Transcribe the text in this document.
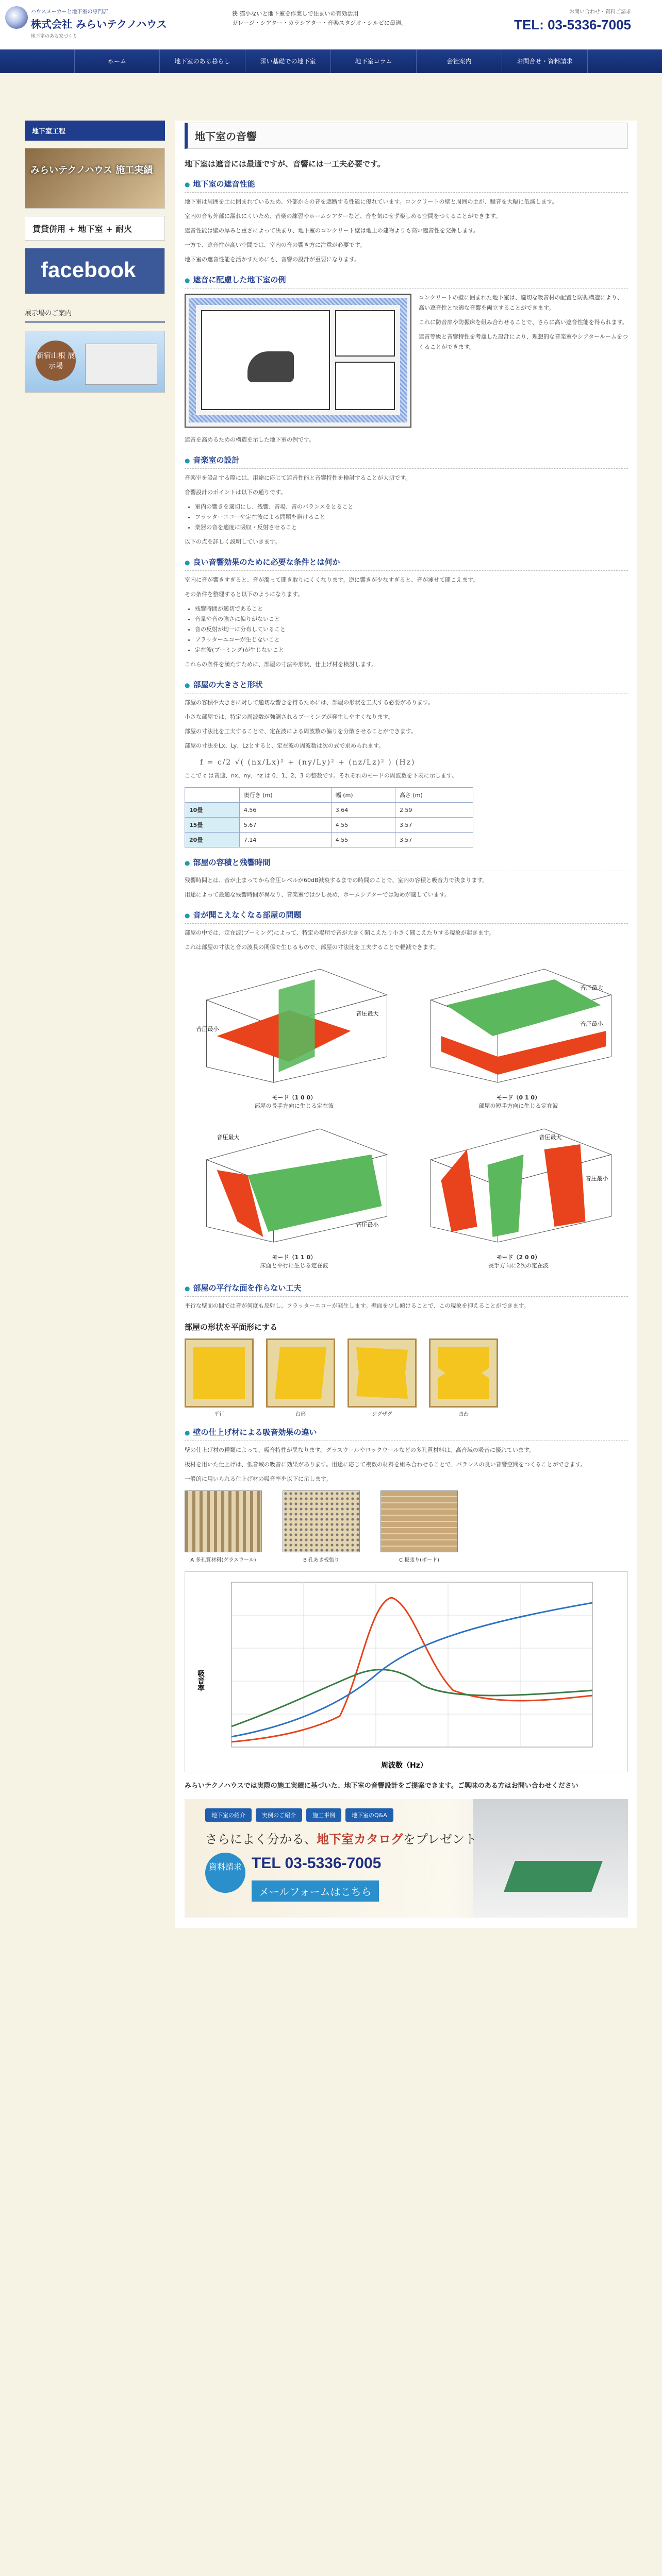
ハウスメーカーと地下室の専門店
株式会社 みらいテクノハウス
地下室のある家づくり
狭 猫小ないと地下室を作業しで住まいの有効活用
ガレージ・シアター・カラシアター・音楽スタジオ・シルビに最適。
お問い合わせ・資料ご請求
TEL: 03-5336-7005
ホーム	地下室のある暮らし	深い基礎での地下室	地下室コラム	会社案内	お問合せ・資料請求
地下室工程
みらいテクノハウス 施工実績
賃貸併用 + 地下室 + 耐火
facebook
展示場のご案内
新宿山根 展示場
地下室の音響
地下室は遮音には最適ですが、音響には一工夫必要です。
● 地下室の遮音性能

地下室は周囲を土に囲まれているため、外部からの音を遮断する性能に優れています。コンクリートの壁と周囲の土が、騒音を大幅に低減します。

室内の音も外部に漏れにくいため、音楽の練習やホームシアターなど、音を気にせず楽しめる空間をつくることができます。

遮音性能は壁の厚みと重さによって決まり、地下室のコンクリート壁は地上の建物よりも高い遮音性を発揮します。

一方で、遮音性が高い空間では、室内の音の響き方に注意が必要です。

地下室の遮音性能を活かすためにも、音響の設計が重要になります。

● 遮音に配慮した地下室の例

コンクリートの壁に囲まれた地下室は、適切な吸音材の配置と防振構造により、高い遮音性と快適な音響を両立することができます。

これに防音扉や防振床を組み合わせることで、さらに高い遮音性能を得られます。

遮音等級と音響特性を考慮した設計により、理想的な音楽室やシアタールームをつくることができます。

遮音を高めるための構造を示した地下室の例です。

● 音楽室の設計

音楽室を設計する際には、用途に応じて遮音性能と音響特性を検討することが大切です。

音響設計のポイントは以下の通りです。

• 室内の響きを適切にし、残響、音場、音のバランスをとること
• フラッターエコーや定在波による問題を避けること
• 楽器の音を適度に吸収・反射させること

以下の点を詳しく説明していきます。

● 良い音響効果のために必要な条件とは何か

室内に音が響きすぎると、音が濁って聞き取りにくくなります。逆に響きが少なすぎると、音が痩せて聞こえます。

その条件を整理すると以下のようになります。

• 残響時間が適切であること
• 音量や音の強さに偏りがないこと
• 音の反射が均一に分布していること
• フラッターエコーが生じないこと
• 定在波(ブーミング)が生じないこと

これらの条件を満たすために、部屋の寸法や形状、仕上げ材を検討します。

● 部屋の大きさと形状

部屋の容積や大きさに対して適切な響きを得るためには、部屋の形状を工夫する必要があります。

小さな部屋では、特定の周波数が強調されるブーミングが発生しやすくなります。

部屋の寸法比を工夫することで、定在波による周波数の偏りを分散させることができます。

部屋の寸法をLx、Ly、Lzとすると、定在波の周波数は次の式で求められます。

f = c/2 √( (nx/Lx)² + (ny/Ly)² + (nz/Lz)² ) (Hz)

ここで c は音速、nx、ny、nz は 0、1、2、3 の整数です。それぞれのモードの周波数を下表に示します。

	奥行き (m)	幅 (m)	高さ (m)
10畳	4.56	3.64	2.59
15畳	5.67	4.55	3.57
20畳	7.14	4.55	3.57
● 部屋の容積と残響時間

残響時間とは、音が止まってから音圧レベルが60dB減衰するまでの時間のことで、室内の容積と吸音力で決まります。

用途によって最適な残響時間が異なり、音楽室では少し長め、ホームシアターでは短めが適しています。

● 音が聞こえなくなる部屋の問題

部屋の中では、定在波(ブーミング)によって、特定の場所で音が大きく聞こえたり小さく聞こえたりする現象が起きます。

これは部屋の寸法と音の波長の関係で生じるもので、部屋の寸法比を工夫することで軽減できます。

音圧最大
音圧最小
モード（1 0 0）
部屋の長手方向に生じる定在波
音圧最大
音圧最小
モード（0 1 0）
部屋の短手方向に生じる定在波
音圧最大
音圧最小
モード（1 1 0）
床面と平行に生じる定在波
音圧最大
音圧最小
モード（2 0 0）
長手方向に2次の定在波
● 部屋の平行な面を作らない工夫

平行な壁面の間では音が何度も反射し、フラッターエコーが発生します。壁面を少し傾けることで、この現象を抑えることができます。

部屋の形状を平面形にする
平行	台形	ジグザグ	凹凸
● 壁の仕上げ材による吸音効果の違い

壁の仕上げ材の種類によって、吸音特性が異なります。グラスウールやロックウールなどの多孔質材料は、高音域の吸音に優れています。

板材を用いた仕上げは、低音域の吸音に効果があります。用途に応じて複数の材料を組み合わせることで、バランスの良い音響空間をつくることができます。

一般的に用いられる仕上げ材の吸音率を以下に示します。

A 多孔質材料(グラスウール)	B 孔あき板張り	C 板張り(ボード)
吸音率
周波数（Hz）
みらいテクノハウスでは実際の施工実績に基づいた、地下室の音響設計をご提案できます。ご興味のある方はお問い合わせください
地下室の紹介	実例のご紹介	施工事例	地下室のQ&A
さらによく分かる、地下室カタログをプレゼント
資料請求 TEL 03-5336-7005
メールフォームはこちら
